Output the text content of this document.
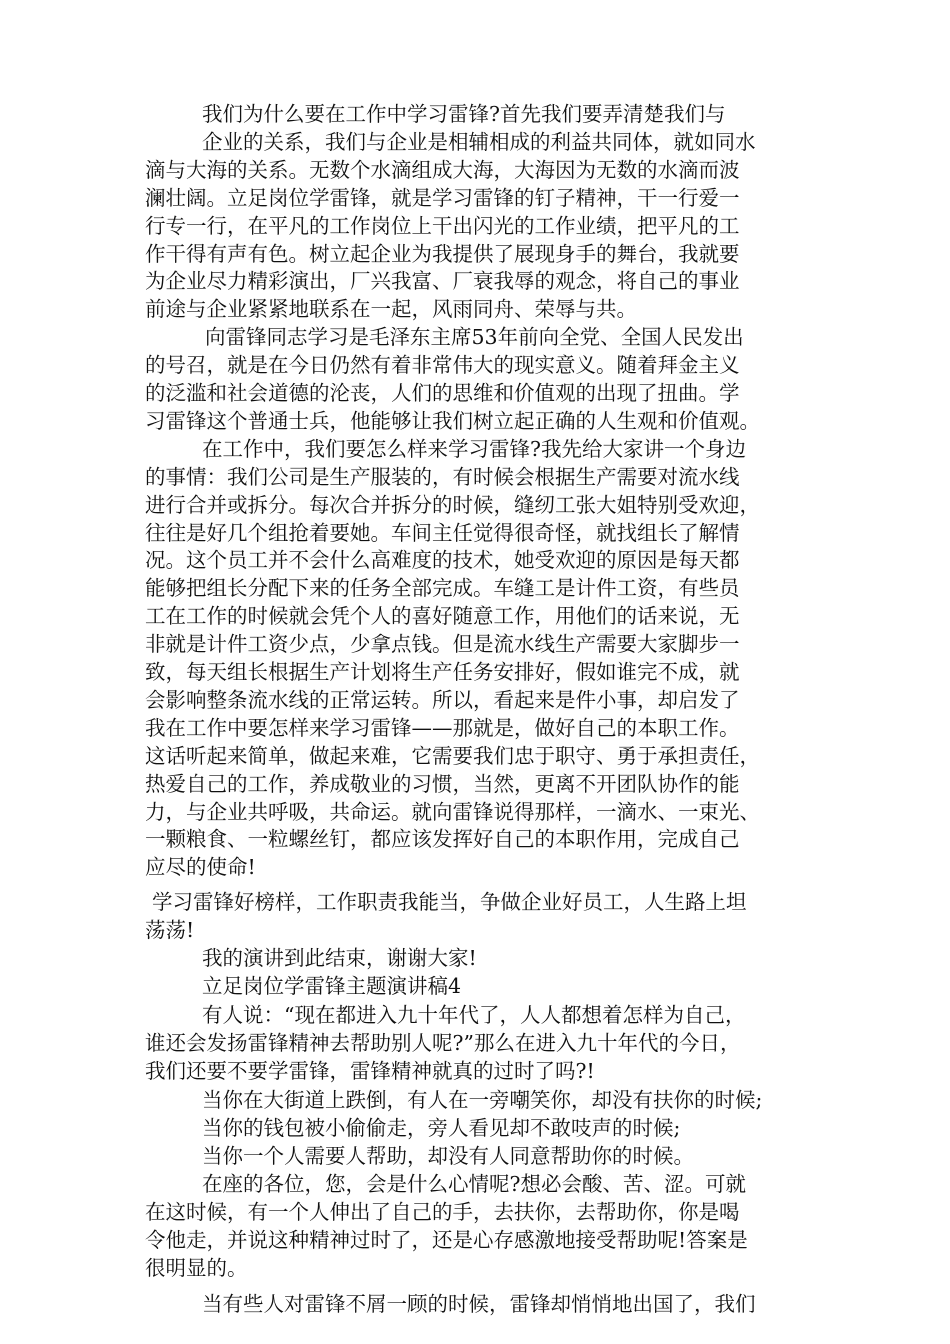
我们为什么要在工作中学习雷锋?首先我们要弄清楚我们与
企业的关系，我们与企业是相辅相成的利益共同体，就如同水
滴与大海的关系。无数个水滴组成大海，大海因为无数的水滴而波
澜壮阔。立足岗位学雷锋，就是学习雷锋的钉子精神，干一行爱一
行专一行，在平凡的工作岗位上干出闪光的工作业绩，把平凡的工
作干得有声有色。树立起企业为我提供了展现身手的舞台，我就要
为企业尽力精彩演出，厂兴我富、厂衰我辱的观念，将自己的事业
前途与企业紧紧地联系在一起，风雨同舟、荣辱与共。
向雷锋同志学习是毛泽东主席53年前向全党、全国人民发出
的号召，就是在今日仍然有着非常伟大的现实意义。随着拜金主义
的泛滥和社会道德的沦丧，人们的思维和价值观的出现了扭曲。学
习雷锋这个普通士兵，他能够让我们树立起正确的人生观和价值观。
在工作中，我们要怎么样来学习雷锋?我先给大家讲一个身边
的事情：我们公司是生产服装的，有时候会根据生产需要对流水线
进行合并或拆分。每次合并拆分的时候，缝纫工张大姐特别受欢迎，
往往是好几个组抢着要她。车间主任觉得很奇怪，就找组长了解情
况。这个员工并不会什么高难度的技术，她受欢迎的原因是每天都
能够把组长分配下来的任务全部完成。车缝工是计件工资，有些员
工在工作的时候就会凭个人的喜好随意工作，用他们的话来说，无
非就是计件工资少点，少拿点钱。但是流水线生产需要大家脚步一
致，每天组长根据生产计划将生产任务安排好，假如谁完不成，就
会影响整条流水线的正常运转。所以，看起来是件小事，却启发了
我在工作中要怎样来学习雷锋——那就是，做好自己的本职工作。
这话听起来简单，做起来难，它需要我们忠于职守、勇于承担责任，
热爱自己的工作，养成敬业的习惯，当然，更离不开团队协作的能
力，与企业共呼吸，共命运。就向雷锋说得那样，一滴水、一束光、
一颗粮食、一粒螺丝钉，都应该发挥好自己的本职作用，完成自己
应尽的使命!
学习雷锋好榜样，工作职责我能当，争做企业好员工，人生路上坦
荡荡!
我的演讲到此结束，谢谢大家!
立足岗位学雷锋主题演讲稿4
有人说：“现在都进入九十年代了，人人都想着怎样为自己，
谁还会发扬雷锋精神去帮助别人呢?”那么在进入九十年代的今日，
我们还要不要学雷锋，雷锋精神就真的过时了吗?!
当你在大街道上跌倒，有人在一旁嘲笑你，却没有扶你的时候;
当你的钱包被小偷偷走，旁人看见却不敢吱声的时候;
当你一个人需要人帮助，却没有人同意帮助你的时候。
在座的各位，您，会是什么心情呢?想必会酸、苦、涩。可就
在这时候，有一个人伸出了自己的手，去扶你，去帮助你，你是喝
令他走，并说这种精神过时了，还是心存感激地接受帮助呢!答案是
很明显的。
当有些人对雷锋不屑一顾的时候，雷锋却悄悄地出国了，我们
